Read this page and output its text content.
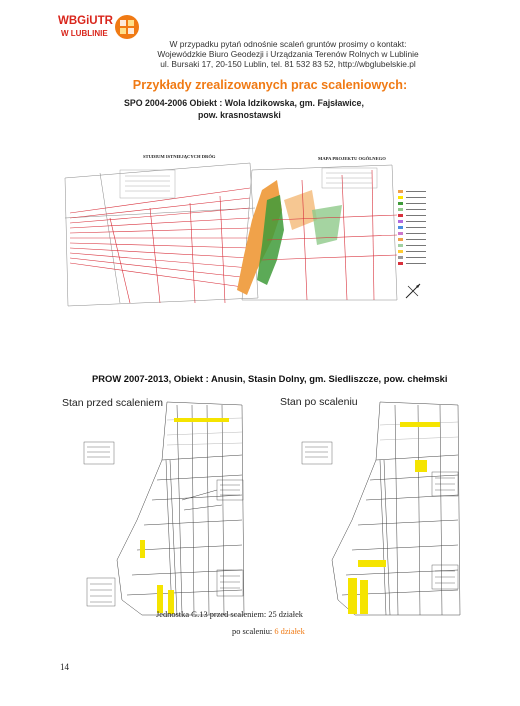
WBGiUTR
W LUBLINIE
W przypadku pytań odnośnie scaleń gruntów prosimy o kontakt:
Wojewódzkie Biuro Geodezji i Urządzania Terenów Rolnych w Lublinie
ul. Bursaki 17, 20-150 Lublin, tel. 81 532 83 52, http://wbglubelskie.pl
Przykłady zrealizowanych prac scaleniowych:
SPO 2004-2006 Obiekt : Wola Idzikowska, gm. Fajsławice,
pow. krasnostawski
STUDIUM ISTNIEJĄCYCH DRÓG	MAPA PROJEKTU OGÓLNEGO
PROW 2007-2013, Obiekt : Anusin, Stasin Dolny, gm. Siedliszcze, pow. chełmski
Stan przed scaleniem	Stan po scaleniu
Jednostka G.13 przed scaleniem: 25 działek
po scaleniu: 6 działek
14
